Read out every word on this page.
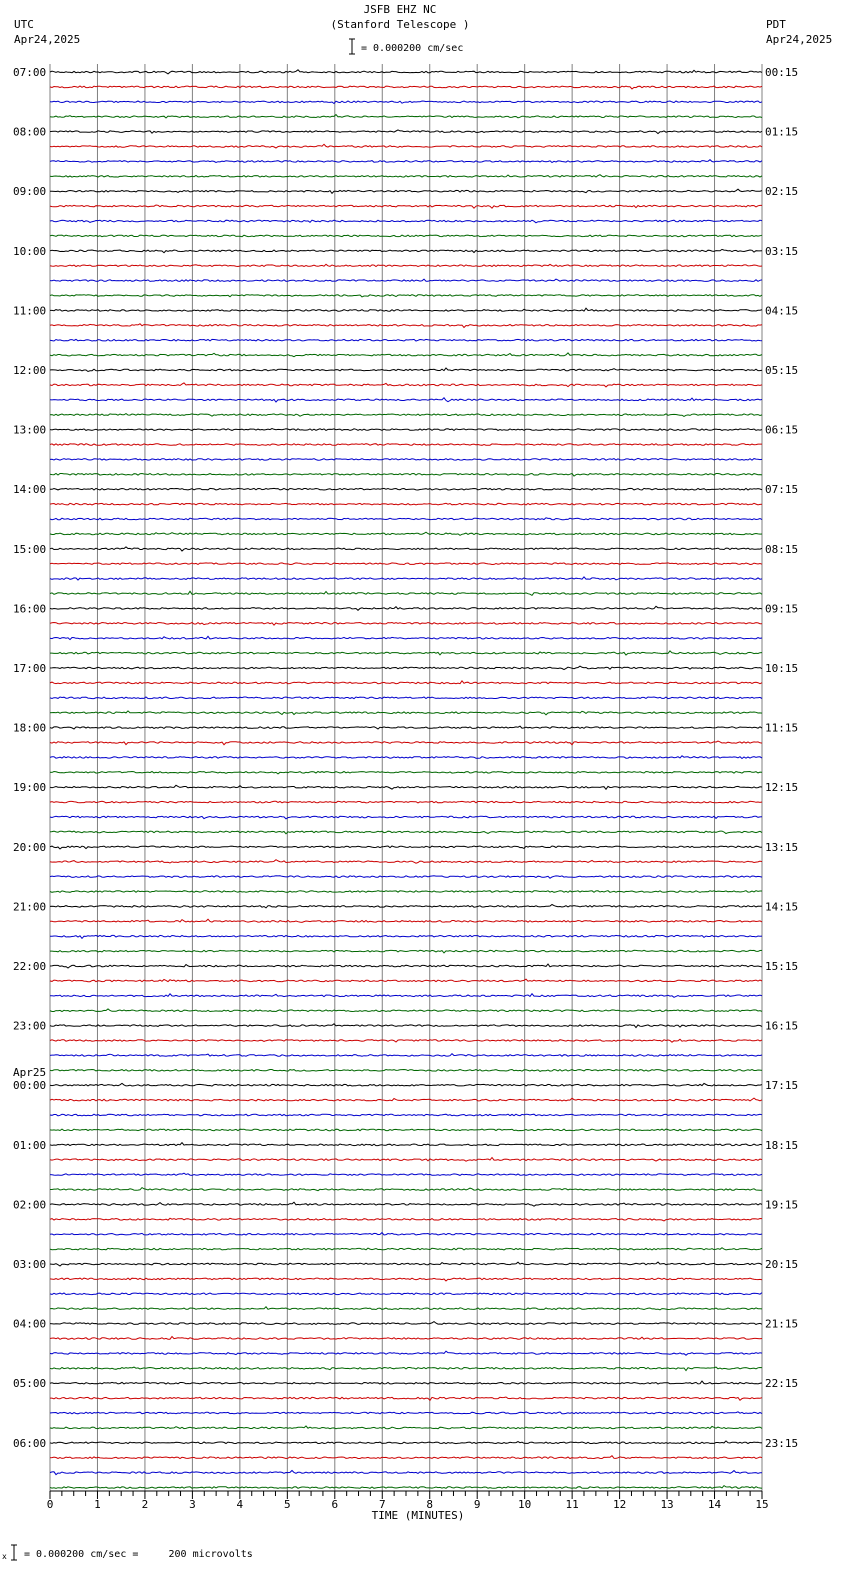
0	1	2	3	4	5	6	7	8	9	10	11	12	13	14	15
07:00
08:00
09:00
10:00
11:00
12:00
13:00
14:00
15:00
16:00
17:00
18:00
19:00
20:00
21:00
22:00
23:00
00:00
Apr25
01:00
02:00
03:00
04:00
05:00
06:00
00:15
01:15
02:15
03:15
04:15
05:15
06:15
07:15
08:15
09:15
10:15
11:15
12:15
13:15
14:15
15:15
16:15
17:15
18:15
19:15
20:15
21:15
22:15
23:15
JSFB EHZ NC
(Stanford Telescope )
UTC
Apr24,2025
PDT
Apr24,2025
= 0.000200 cm/sec
TIME (MINUTES)
x = 0.000200 cm/sec =     200 microvolts
